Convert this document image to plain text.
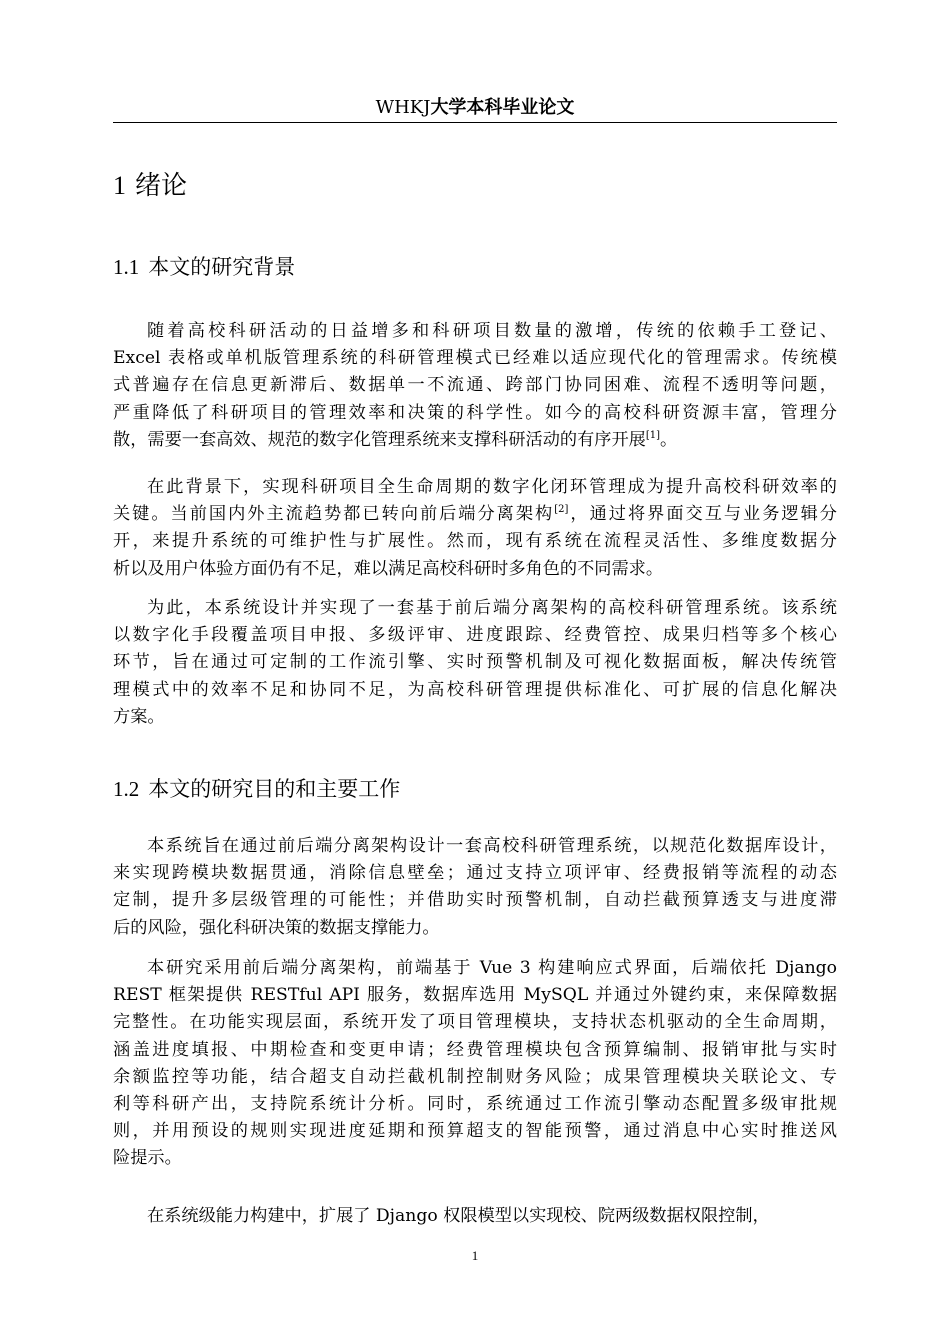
WHKJ大学本科毕业论文
1 绪论
1.1 本文的研究背景
随着高校科研活动的日益增多和科研项目数量的激增，传统的依赖手工登记、
Excel 表格或单机版管理系统的科研管理模式已经难以适应现代化的管理需求。传统模
式普遍存在信息更新滞后、数据单一不流通、跨部门协同困难、流程不透明等问题，
严重降低了科研项目的管理效率和决策的科学性。如今的高校科研资源丰富，管理分
散，需要一套高效、规范的数字化管理系统来支撑科研活动的有序开展[1]。
在此背景下，实现科研项目全生命周期的数字化闭环管理成为提升高校科研效率的
关键。当前国内外主流趋势都已转向前后端分离架构[2]，通过将界面交互与业务逻辑分
开，来提升系统的可维护性与扩展性。然而，现有系统在流程灵活性、多维度数据分
析以及用户体验方面仍有不足，难以满足高校科研时多角色的不同需求。
为此，本系统设计并实现了一套基于前后端分离架构的高校科研管理系统。该系统
以数字化手段覆盖项目申报、多级评审、进度跟踪、经费管控、成果归档等多个核心
环节，旨在通过可定制的工作流引擎、实时预警机制及可视化数据面板，解决传统管
理模式中的效率不足和协同不足，为高校科研管理提供标准化、可扩展的信息化解决
方案。
1.2 本文的研究目的和主要工作
本系统旨在通过前后端分离架构设计一套高校科研管理系统，以规范化数据库设计，
来实现跨模块数据贯通，消除信息壁垒；通过支持立项评审、经费报销等流程的动态
定制，提升多层级管理的可能性；并借助实时预警机制，自动拦截预算透支与进度滞
后的风险，强化科研决策的数据支撑能力。
本研究采用前后端分离架构，前端基于 Vue 3 构建响应式界面，后端依托 Django
REST 框架提供 RESTful API 服务，数据库选用 MySQL 并通过外键约束，来保障数据
完整性。在功能实现层面，系统开发了项目管理模块，支持状态机驱动的全生命周期，
涵盖进度填报、中期检查和变更申请；经费管理模块包含预算编制、报销审批与实时
余额监控等功能，结合超支自动拦截机制控制财务风险；成果管理模块关联论文、专
利等科研产出，支持院系统计分析。同时，系统通过工作流引擎动态配置多级审批规
则，并用预设的规则实现进度延期和预算超支的智能预警，通过消息中心实时推送风
险提示。
在系统级能力构建中，扩展了 Django 权限模型以实现校、院两级数据权限控制，
1
